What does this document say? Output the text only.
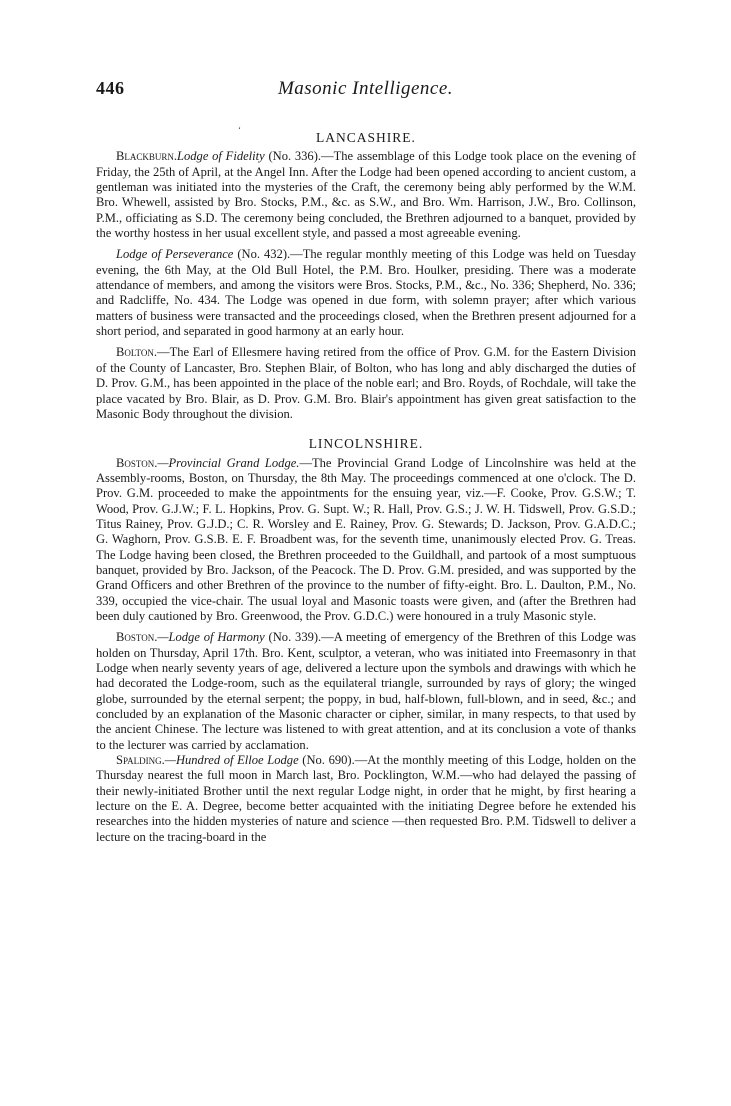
446	Masonic Intelligence.
‘	LANCASHIRE.

Blackburn.Lodge of Fidelity (No. 336).—The assemblage of this Lodge took place on the evening of Friday, the 25th of April, at the Angel Inn. After the Lodge had been opened according to ancient custom, a gentleman was initiated into the mysteries of the Craft, the ceremony being ably performed by the W.M. Bro. Whewell, assisted by Bro. Stocks, P.M., &c. as S.W., and Bro. Wm. Harrison, J.W., Bro. Collinson, P.M., officiating as S.D. The ceremony being concluded, the Brethren adjourned to a banquet, provided by the worthy hostess in her usual excellent style, and passed a most agreeable evening.

Lodge of Perseverance (No. 432).—The regular monthly meeting of this Lodge was held on Tuesday evening, the 6th May, at the Old Bull Hotel, the P.M. Bro. Houlker, presiding. There was a moderate attendance of members, and among the visitors were Bros. Stocks, P.M., &c., No. 336; Shepherd, No. 336; and Radcliffe, No. 434. The Lodge was opened in due form, with solemn prayer; after which various matters of business were transacted and the proceedings closed, when the Brethren present adjourned for a short period, and separated in good harmony at an early hour.

Bolton.—The Earl of Ellesmere having retired from the office of Prov. G.M. for the Eastern Division of the County of Lancaster, Bro. Stephen Blair, of Bolton, who has long and ably discharged the duties of D. Prov. G.M., has been appointed in the place of the noble earl; and Bro. Royds, of Rochdale, will take the place vacated by Bro. Blair, as D. Prov. G.M. Bro. Blair's appointment has given great satisfaction to the Masonic Body throughout the division.

LINCOLNSHIRE.

Boston.—Provincial Grand Lodge.—The Provincial Grand Lodge of Lincolnshire was held at the Assembly-rooms, Boston, on Thursday, the 8th May. The proceedings commenced at one o'clock. The D. Prov. G.M. proceeded to make the appointments for the ensuing year, viz.—F. Cooke, Prov. G.S.W.; T. Wood, Prov. G.J.W.; F. L. Hopkins, Prov. G. Supt. W.; R. Hall, Prov. G.S.; J. W. H. Tidswell, Prov. G.S.D.; Titus Rainey, Prov. G.J.D.; C. R. Worsley and E. Rainey, Prov. G. Stewards; D. Jackson, Prov. G.A.D.C.; G. Waghorn, Prov. G.S.B. E. F. Broadbent was, for the seventh time, unanimously elected Prov. G. Treas. The Lodge having been closed, the Brethren proceeded to the Guildhall, and partook of a most sumptuous banquet, provided by Bro. Jackson, of the Peacock. The D. Prov. G.M. presided, and was supported by the Grand Officers and other Brethren of the province to the number of fifty-eight. Bro. L. Daulton, P.M., No. 339, occupied the vice-chair. The usual loyal and Masonic toasts were given, and (after the Brethren had been duly cautioned by Bro. Greenwood, the Prov. G.D.C.) were honoured in a truly Masonic style.

Boston.—Lodge of Harmony (No. 339).—A meeting of emergency of the Brethren of this Lodge was holden on Thursday, April 17th. Bro. Kent, sculptor, a veteran, who was initiated into Freemasonry in that Lodge when nearly seventy years of age, delivered a lecture upon the symbols and drawings with which he had decorated the Lodge-room, such as the equilateral triangle, surrounded by rays of glory; the winged globe, surrounded by the eternal serpent; the poppy, in bud, half-blown, full-blown, and in seed, &c.; and concluded by an explanation of the Masonic character or cipher, similar, in many respects, to that used by the ancient Chinese. The lecture was listened to with great attention, and at its conclusion a vote of thanks to the lecturer was carried by acclamation.

Spalding.—Hundred of Elloe Lodge (No. 690).—At the monthly meeting of this Lodge, holden on the Thursday nearest the full moon in March last, Bro. Pocklington, W.M.—who had delayed the passing of their newly-initiated Brother until the next regular Lodge night, in order that he might, by first hearing a lecture on the E. A. Degree, become better acquainted with the initiating Degree before he extended his researches into the hidden mysteries of nature and science —then requested Bro. P.M. Tidswell to deliver a lecture on the tracing-board in the
